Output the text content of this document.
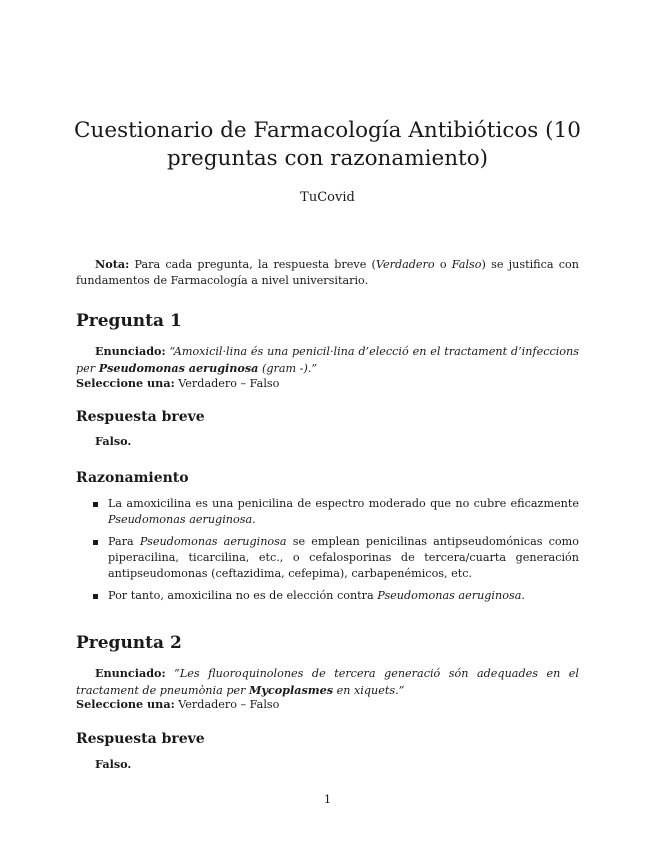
Cuestionario de Farmacología Antibióticos (10 preguntas con razonamiento)
TuCovid
Nota: Para cada pregunta, la respuesta breve (Verdadero o Falso) se justifica con fundamentos de Farmacología a nivel universitario.
Pregunta 1
Enunciado: “Amoxicil·lina és una penicil·lina d’elecció en el tractament d’infeccions per Pseudomonas aeruginosa (gram -).”
Seleccione una: Verdadero – Falso
Respuesta breve
Falso.
Razonamiento
La amoxicilina es una penicilina de espectro moderado que no cubre eficazmente Pseudomonas aeruginosa.
Para Pseudomonas aeruginosa se emplean penicilinas antipseudomónicas como piperacilina, ticarcilina, etc., o cefalosporinas de tercera/cuarta generación antipseudomonas (ceftazidima, cefepima), carbapenémicos, etc.
Por tanto, amoxicilina no es de elección contra Pseudomonas aeruginosa.
Pregunta 2
Enunciado: “Les fluoroquinolones de tercera generació són adequades en el tractament de pneumònia per Mycoplasmes en xiquets.”
Seleccione una: Verdadero – Falso
Respuesta breve
Falso.
1
